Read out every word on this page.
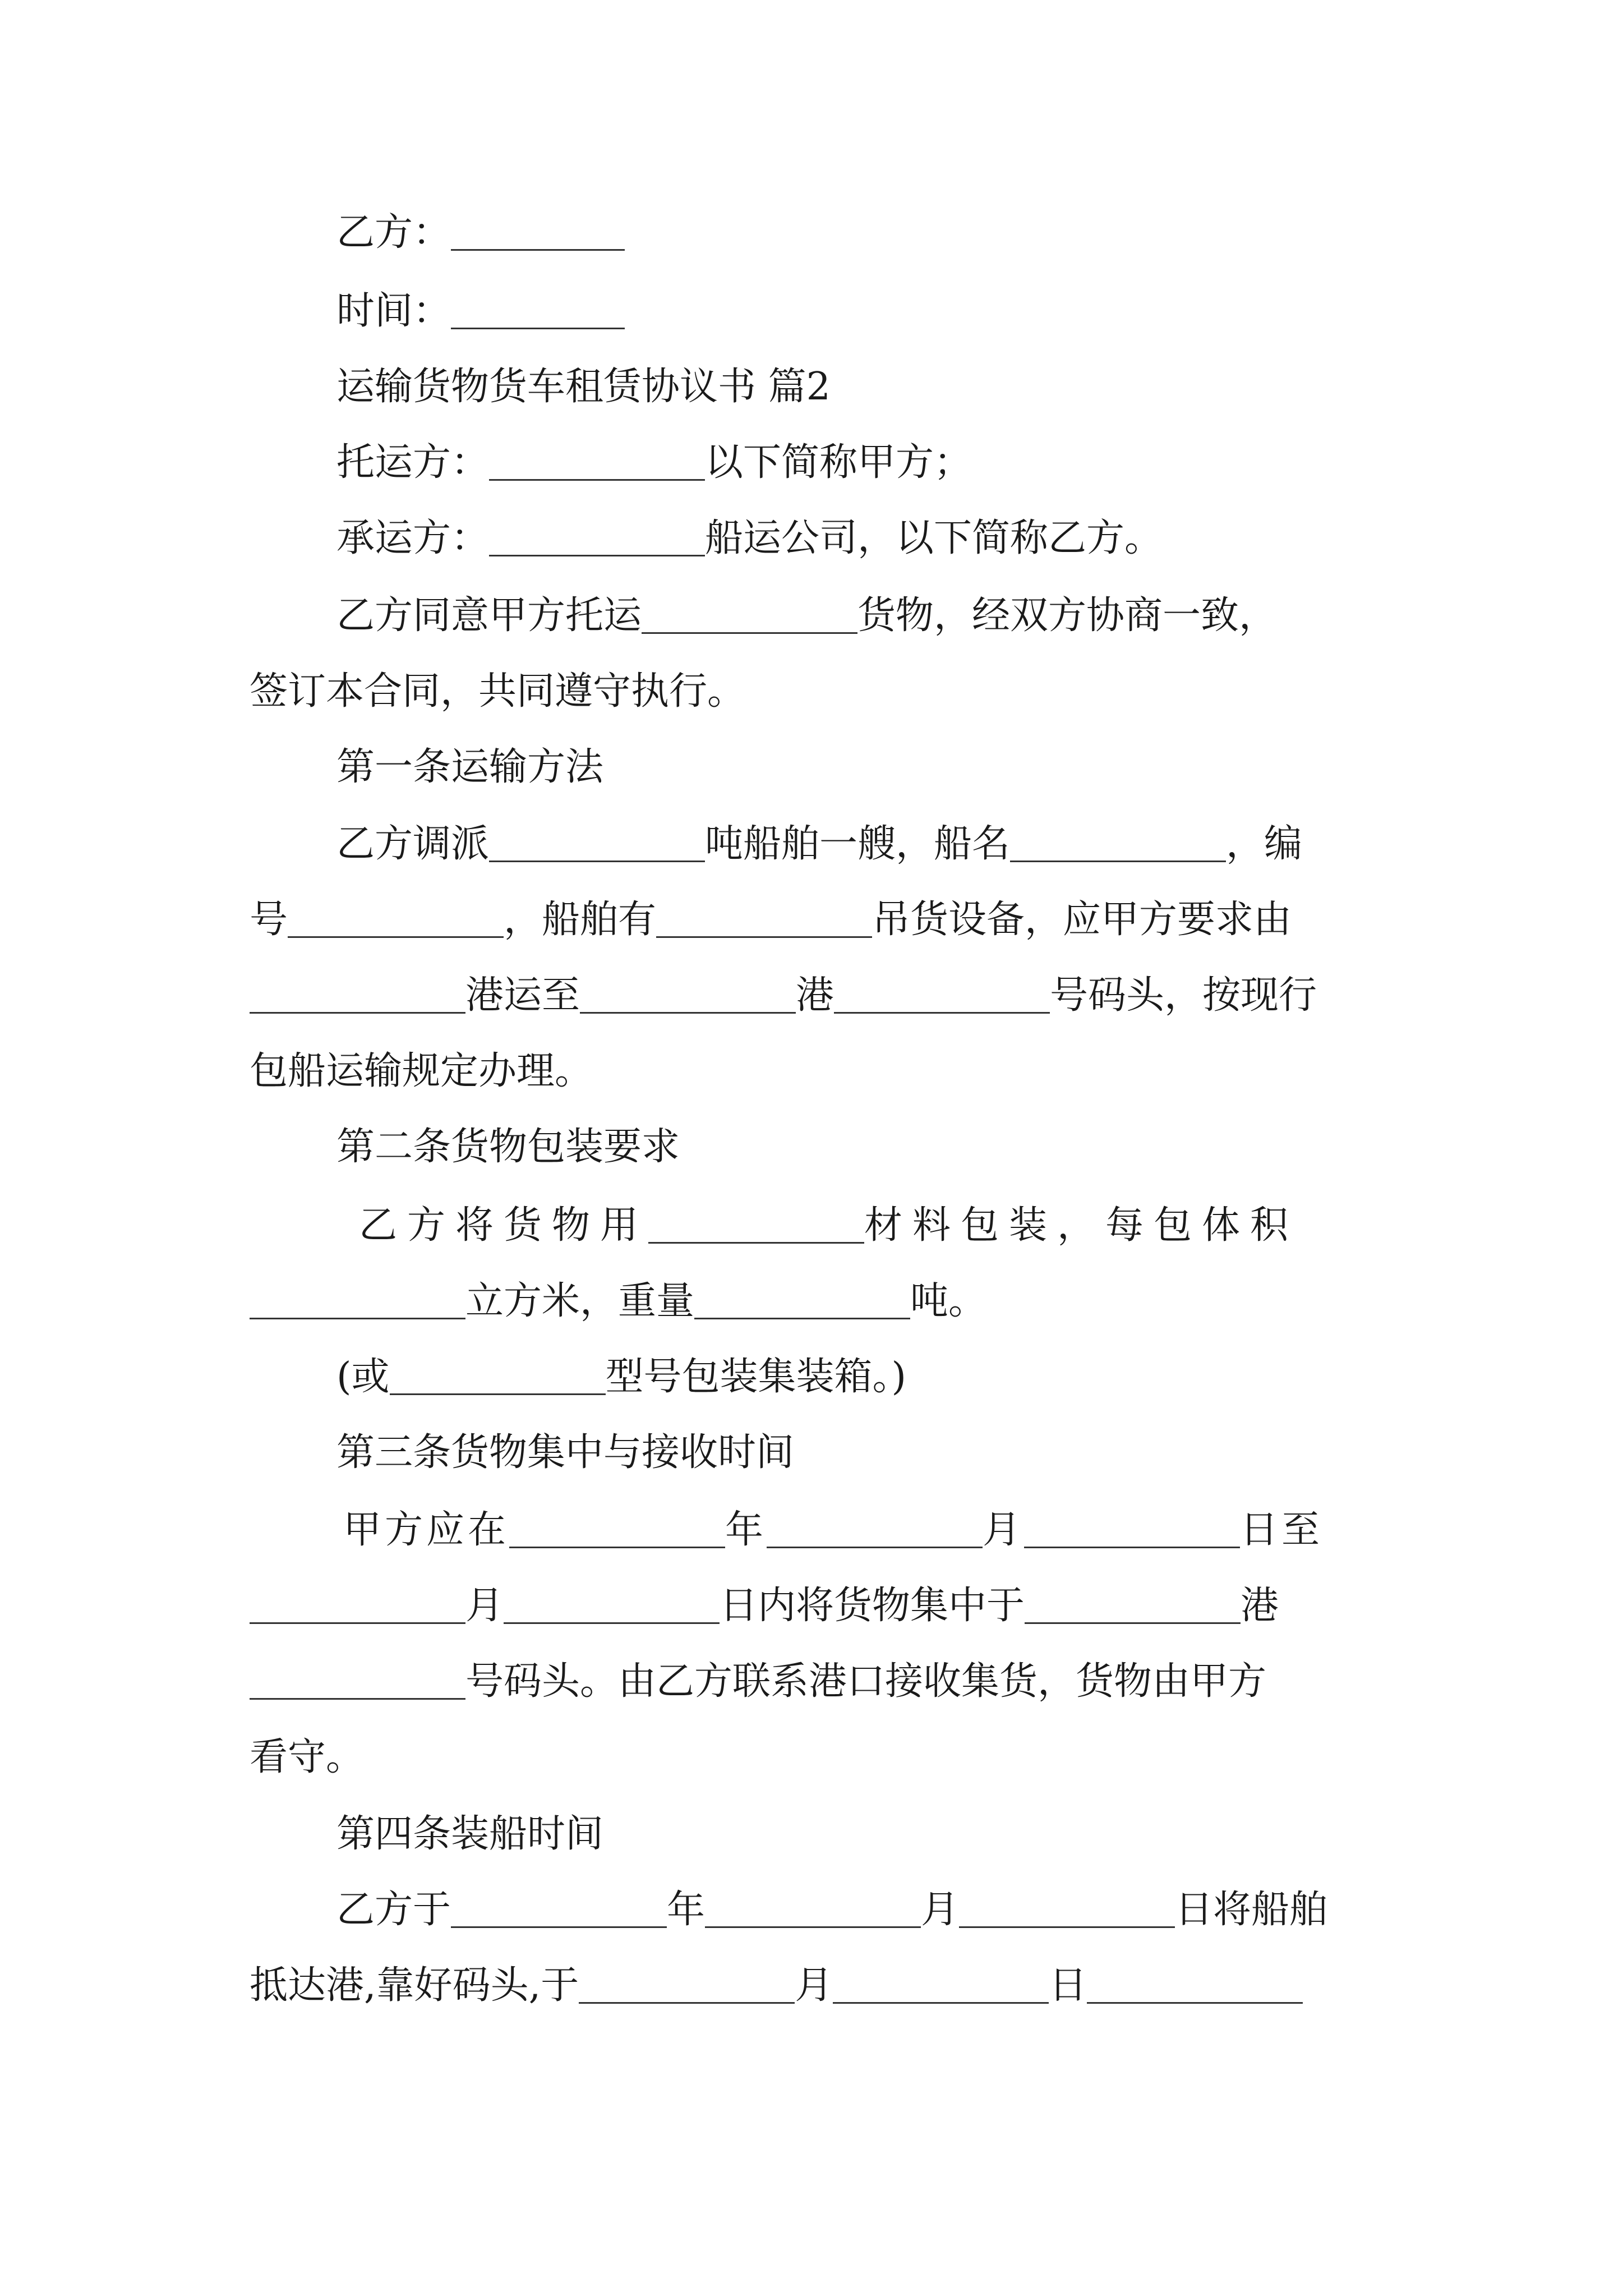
乙方：
时间：
运输货物货车租赁协议书 篇2
托运方：	以下简称甲方；
承运方：	船运公司，以下简称乙方。
乙方同意甲方托运	货物，经双方协商一致，
签订本合同，共同遵守执行。
第一条运输方法
乙方调派	吨船舶一艘，船名	，编
号	，船舶有	吊货设备，应甲方要求由
港运至	港	号码头，按现行
包船运输规定办理。
第二条货物包装要求
乙方将货物用	材料包装，每包体积
立方米，重量	吨。
(或	型号包装集装箱。)
第三条货物集中与接收时间
甲方应在	年	月	日至
月	日内将货物集中于	港
号码头。由乙方联系港口接收集货，货物由甲方
看守。
第四条装船时间
乙方于	年	月	日将船舶
抵达港,靠好码头,于	月	日
